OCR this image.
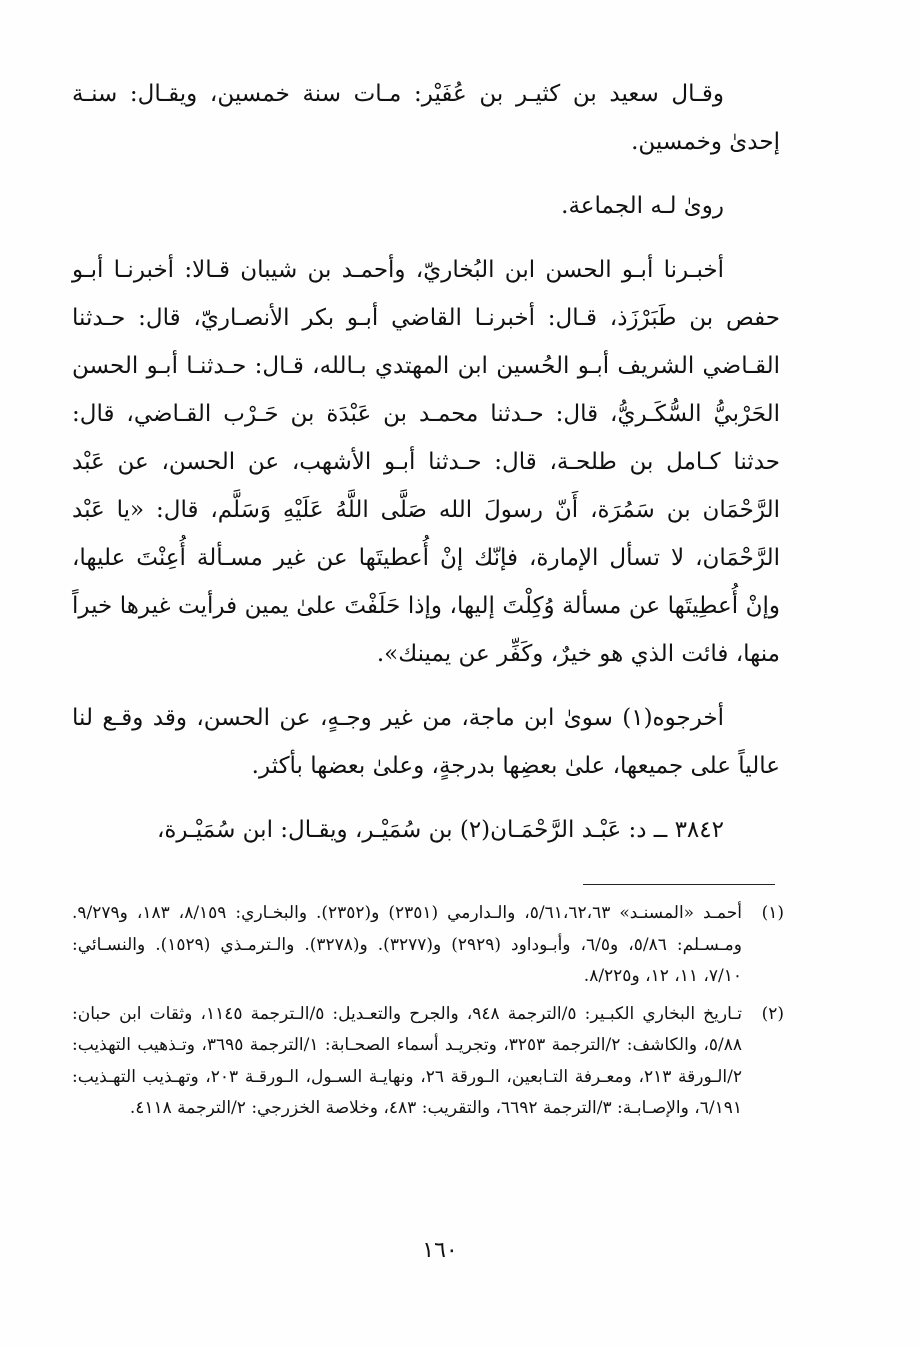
وقـال سعيد بن كثيـر بن عُفَيْر: مـات سنة خمسين، ويقـال: سنـة إحدىٰ وخمسين.

روىٰ لـه الجماعة.

أخبـرنا أبـو الحسن ابن البُخاريّ، وأحمـد بن شيبان قـالا: أخبرنـا أبـو حفص بن طَبَرْزَذ، قـال: أخبرنـا القاضي أبـو بكر الأنصـاريّ، قال: حـدثنا القـاضي الشريف أبـو الحُسين ابن المهتدي بـالله، قـال: حـدثنـا أبـو الحسن الحَرْبيُّ السُّكَـريُّ، قال: حـدثنا محمـد بن عَبْدَة بن حَـرْب القـاضي، قال: حدثنا كـامل بن طلحـة، قال: حـدثنا أبـو الأشهب، عن الحسن، عن عَبْد الرَّحْمَان بن سَمُرَة، أَنّ رسولَ الله صَلَّى اللَّهُ عَلَيْهِ وَسَلَّم، قال: «يا عَبْد الرَّحْمَان، لا تسأل الإمارة، فإنّك إنْ أُعطيتَها عن غير مسـألة أُعِنْتَ عليها، وإنْ أُعطِيتَها عن مسألة وُكِلْتَ إليها، وإذا حَلَفْتَ علىٰ يمين فرأيت غيرها خيراً منها، فائت الذي هو خيرٌ، وكَفِّر عن يمينك».

أخرجوه(١) سوىٰ ابن ماجة، من غير وجـهٍ، عن الحسن، وقد وقـع لنا عالياً على جميعها، علىٰ بعضِها بدرجةٍ، وعلىٰ بعضها بأكثر.

٣٨٤٢ ــ د: عَبْـد الرَّحْمَـان(٢) بن سُمَيْـر، ويقـال: ابن سُمَيْـرة،

(١)
أحمـد «المسنـد» ٥/٦١،٦٢،٦٣، والـدارمي (٢٣٥١) و(٢٣٥٢). والبخـاري: ٨/١٥٩، ١٨٣، و٩/٢٧٩. ومـسـلم: ٥/٨٦، و٦/٥، وأبـوداود (٢٩٢٩) و(٣٢٧٧). و(٣٢٧٨). والـترمـذي (١٥٢٩). والنسـائي: ٧/١٠، ١١، ١٢، و٨/٢٢٥.
(٢)
تـاريخ البخاري الكبـير: ٥/الترجمة ٩٤٨، والجرح والتعـديل: ٥/الـترجمة ١١٤٥، وثقات ابن حبان: ٥/٨٨، والكاشف: ٢/الترجمة ٣٢٥٣، وتجريـد أسماء الصحـابة: ١/الترجمة ٣٦٩٥، وتـذهيب التهذيب: ٢/الـورقة ٢١٣، ومعـرفة التـابعين، الـورقة ٢٦، ونهايـة السـول، الـورقـة ٢٠٣، وتهـذيب التهـذيب: ٦/١٩١، والإصـابـة: ٣/الترجمة ٦٦٩٢، والتقريب: ٤٨٣، وخلاصة الخزرجي: ٢/الترجمة ٤١١٨.
١٦٠
